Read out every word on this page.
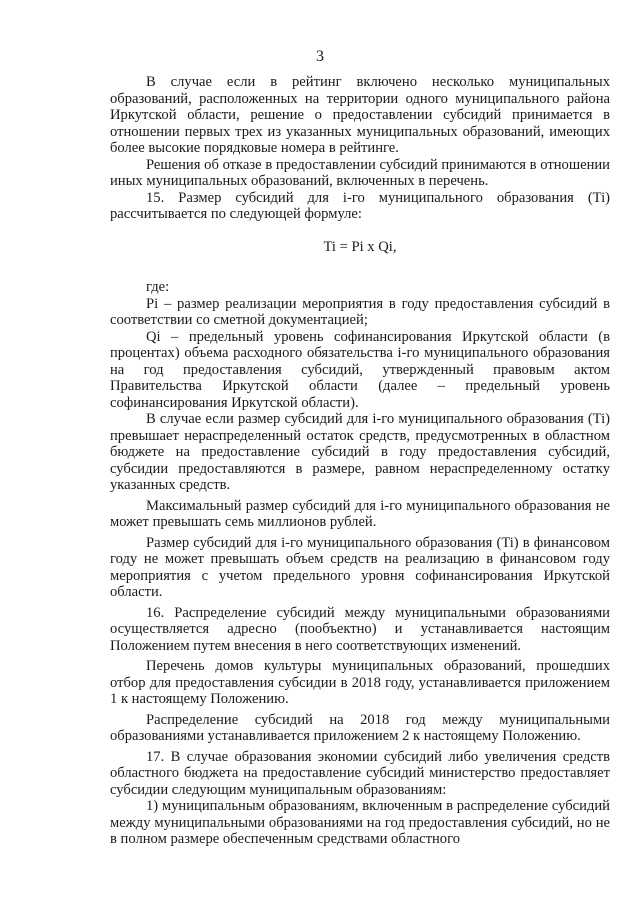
3

В случае если в рейтинг включено несколько муниципальных образований, расположенных на территории одного муниципального района Иркутской области, решение о предоставлении субсидий принимается в отношении первых трех из указанных муниципальных образований, имеющих более высокие порядковые номера в рейтинге.

Решения об отказе в предоставлении субсидий принимаются в отношении иных муниципальных образований, включенных в перечень.

15. Размер субсидий для i-го муниципального образования (Ti) рассчитывается по следующей формуле:

Ti = Pi x Qi,

где:

Pi – размер реализации мероприятия в году предоставления субсидий в соответствии со сметной документацией;

Qi – предельный уровень софинансирования Иркутской области (в процентах) объема расходного обязательства i-го муниципального образования на год предоставления субсидий, утвержденный правовым актом Правительства Иркутской области (далее – предельный уровень софинансирования Иркутской области).

В случае если размер субсидий для i-го муниципального образования (Ti) превышает нераспределенный остаток средств, предусмотренных в областном бюджете на предоставление субсидий в году предоставления субсидий, субсидии предоставляются в размере, равном нераспределенному остатку указанных средств.

Максимальный размер субсидий для i-го муниципального образования не может превышать семь миллионов рублей.

Размер субсидий для i-го муниципального образования (Ti) в финансовом году не может превышать объем средств на реализацию в финансовом году мероприятия с учетом предельного уровня софинансирования Иркутской области.

16. Распределение субсидий между муниципальными образованиями осуществляется адресно (пообъектно) и устанавливается настоящим Положением путем внесения в него соответствующих изменений.

Перечень домов культуры муниципальных образований, прошедших отбор для предоставления субсидии в 2018 году, устанавливается приложением 1 к настоящему Положению.

Распределение субсидий на 2018 год между муниципальными образованиями устанавливается приложением 2 к настоящему Положению.

17. В случае образования экономии субсидий либо увеличения средств областного бюджета на предоставление субсидий министерство предоставляет субсидии следующим муниципальным образованиям:

1) муниципальным образованиям, включенным в распределение субсидий между муниципальными образованиями на год предоставления субсидий, но не в полном размере обеспеченным средствами областного
